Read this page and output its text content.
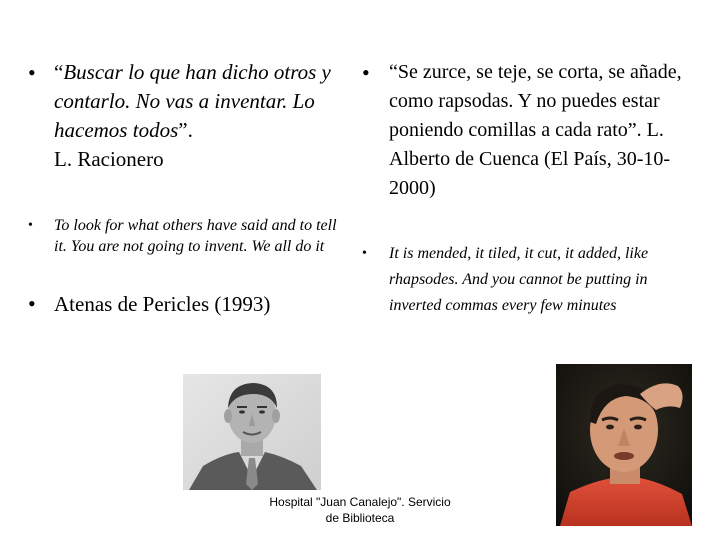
• “Buscar lo que han dicho otros y contarlo. No vas a inventar. Lo hacemos todos”.
L. Racionero
•	To look for what others have said and to tell it. You are not going to invent. We all do it
• Atenas de Pericles (1993)
• “Se zurce, se teje, se corta, se añade, como rapsodas. Y no puedes estar poniendo comillas a cada rato”. L. Alberto de Cuenca (El País, 30-10-2000)
•	It is mended, it tiled, it cut, it added, like rhapsodes. And you cannot be putting in inverted commas every few minutes
Hospital "Juan Canalejo". Servicio
de Biblioteca
